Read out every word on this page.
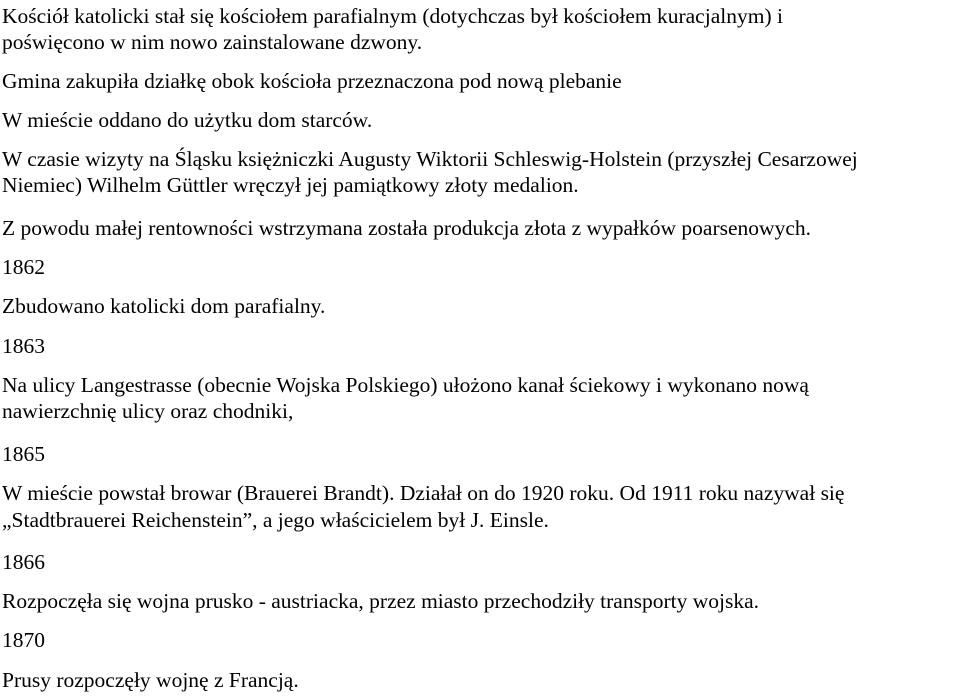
Kościół katolicki stał się kościołem parafialnym (dotychczas był kościołem kuracjalnym) i
poświęcono w nim nowo zainstalowane dzwony.
Gmina zakupiła działkę obok kościoła przeznaczona pod nową plebanie
W mieście oddano do użytku dom starców.
W czasie wizyty na Śląsku księżniczki Augusty Wiktorii Schleswig-Holstein (przyszłej Cesarzowej
Niemiec) Wilhelm Güttler wręczył jej pamiątkowy złoty medalion.
Z powodu małej rentowności wstrzymana została produkcja złota z wypałków poarsenowych.
1862
Zbudowano katolicki dom parafialny.
1863
Na ulicy Langestrasse (obecnie Wojska Polskiego) ułożono kanał ściekowy i wykonano nową
nawierzchnię ulicy oraz chodniki,
1865
W mieście powstał browar (Brauerei Brandt). Działał on do 1920 roku. Od 1911 roku nazywał się
„Stadtbrauerei Reichenstein”, a jego właścicielem był J. Einsle.
1866
Rozpoczęła się wojna prusko - austriacka, przez miasto przechodziły transporty wojska.
1870
Prusy rozpoczęły wojnę z Francją.
